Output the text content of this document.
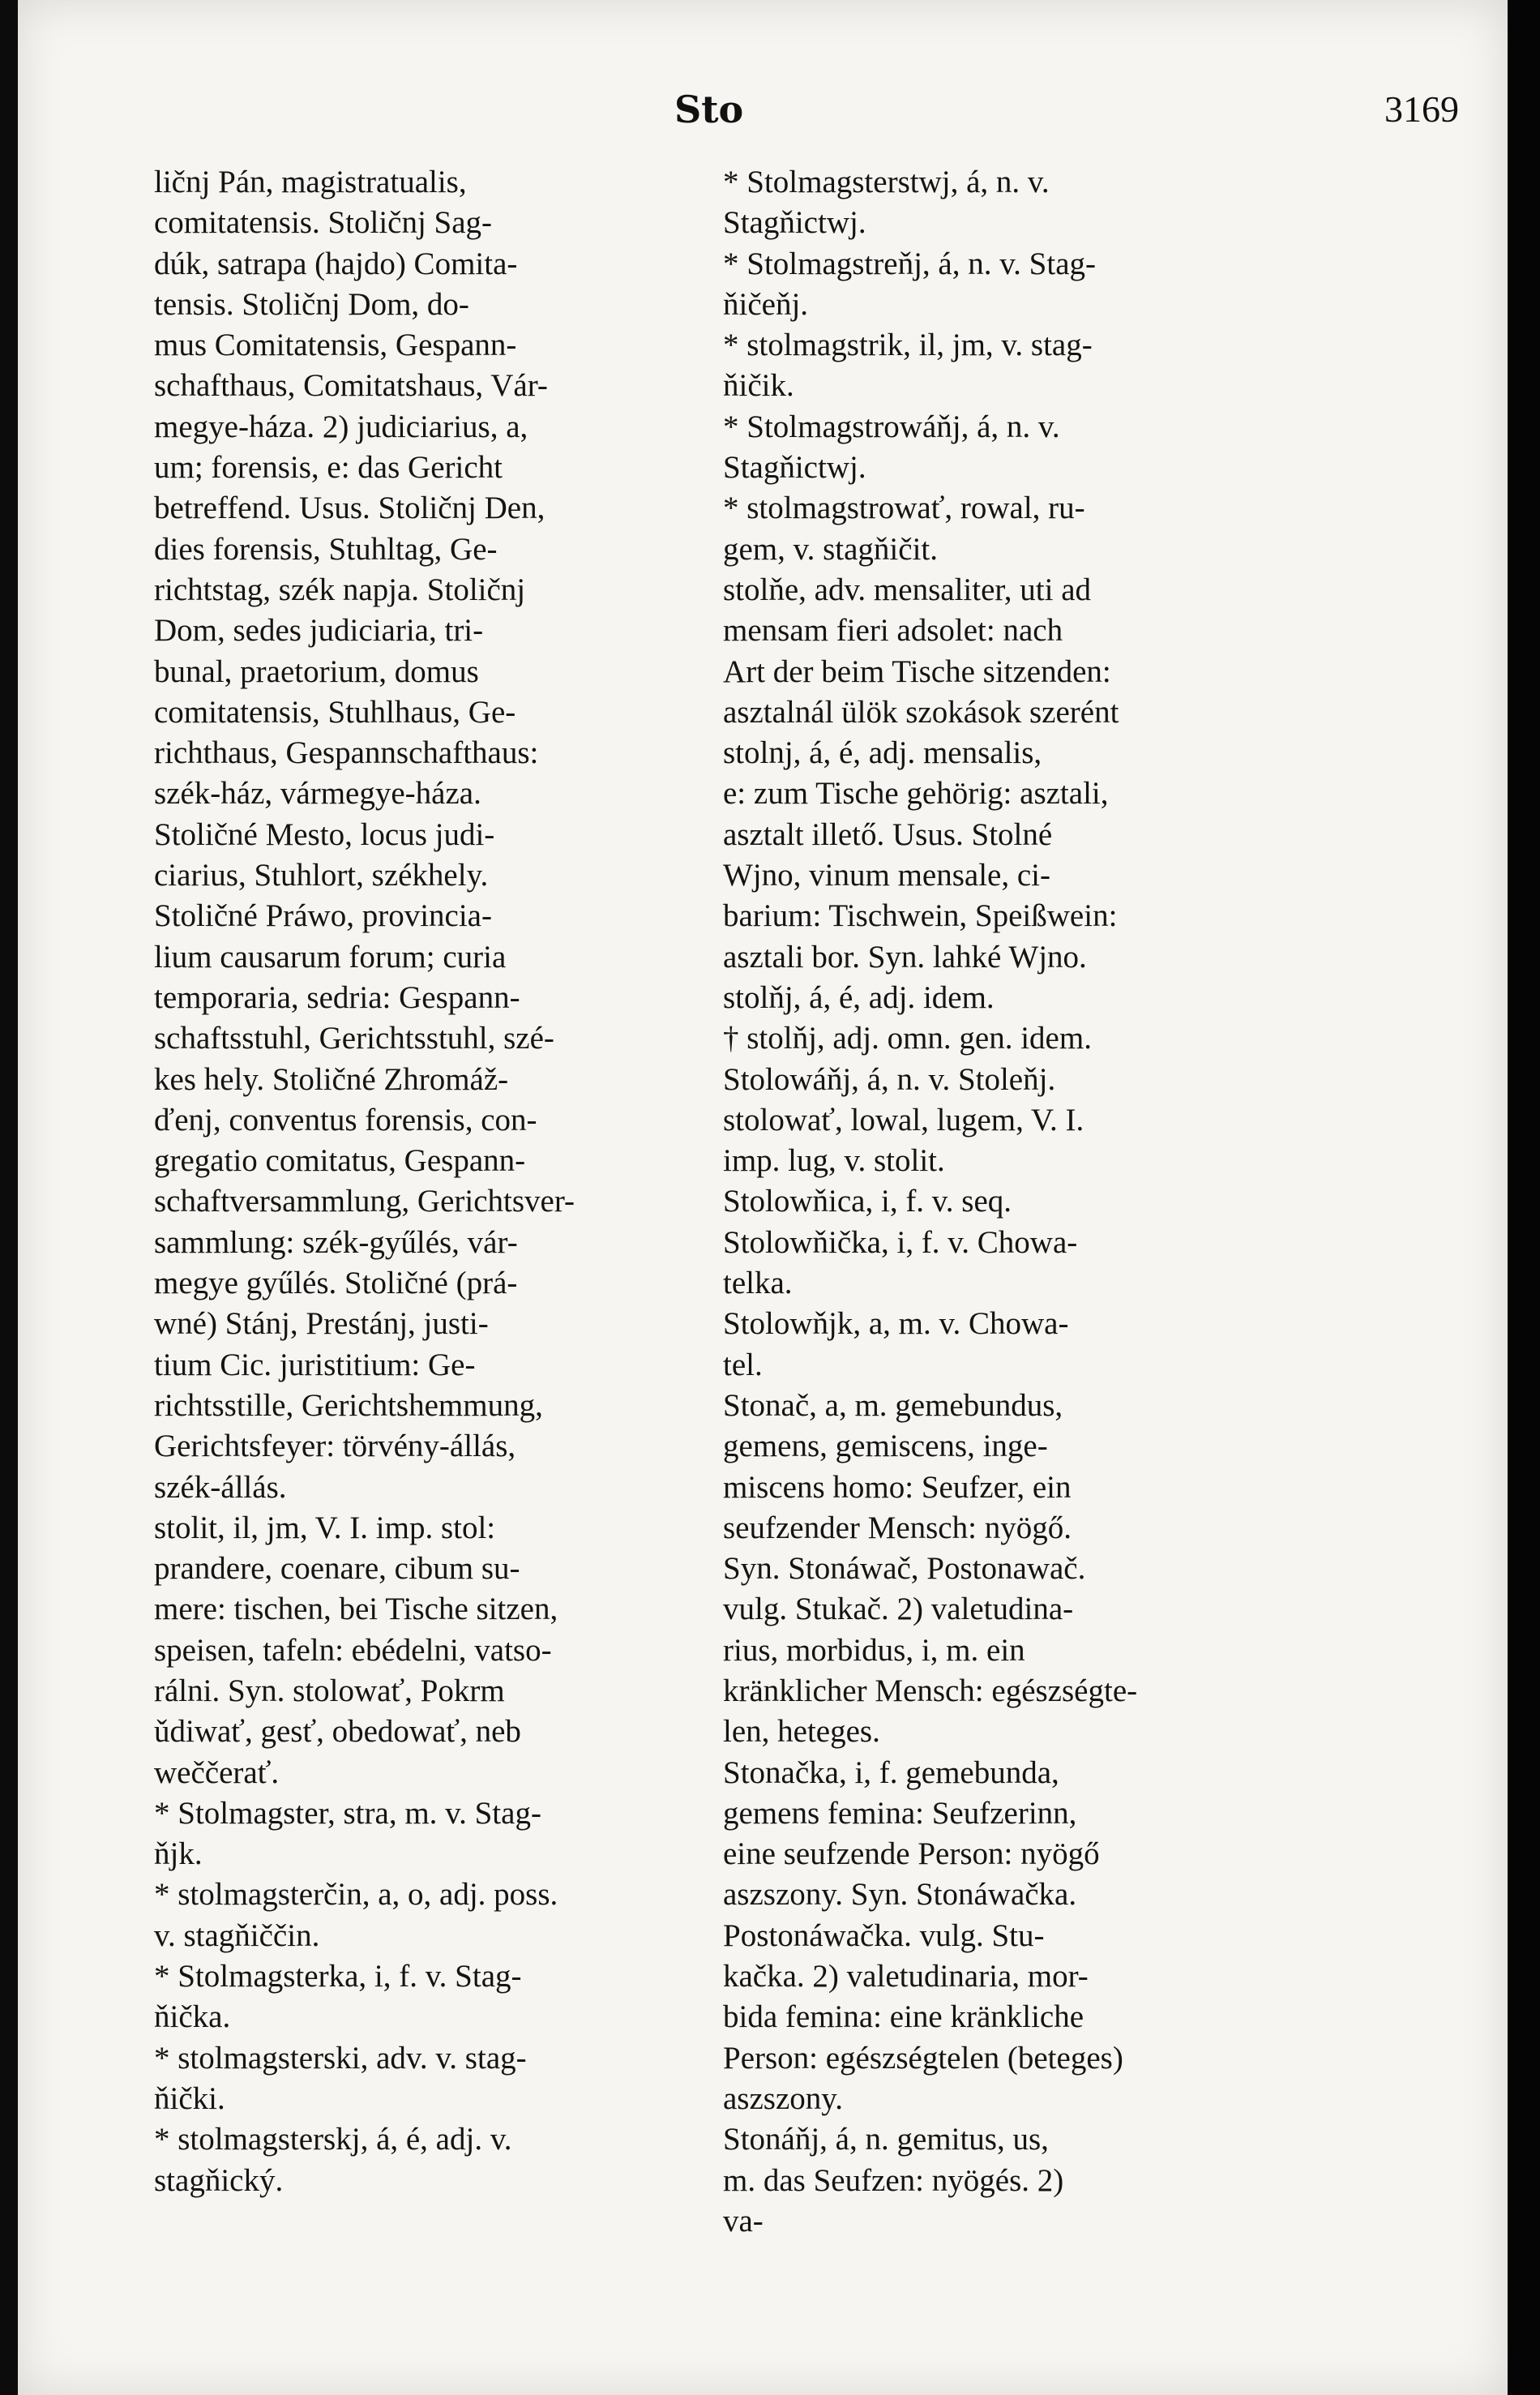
Sto	3169
ličnj Pán, magistratualis,
comitatensis. Stoličnj Sag-
dúk, satrapa (hajdo) Comita-
tensis. Stoličnj Dom, do-
mus Comitatensis, Gespann-
schafthaus, Comitatshaus, Vár-
megye-háza. 2) judiciarius, a,
um; forensis, e: das Gericht
betreffend. Usus. Stoličnj Den,
dies forensis, Stuhltag, Ge-
richtstag, szék napja. Stoličnj
Dom, sedes judiciaria, tri-
bunal, praetorium, domus
comitatensis, Stuhlhaus, Ge-
richthaus, Gespannschafthaus:
szék-ház, vármegye-háza.
Stoličné Mesto, locus judi-
ciarius, Stuhlort, székhely.
Stoličné Práwo, provincia-
lium causarum forum; curia
temporaria, sedria: Gespann-
schaftsstuhl, Gerichtsstuhl, szé-
kes hely. Stoličné Zhromáž-
ďenj, conventus forensis, con-
gregatio comitatus, Gespann-
schaftversammlung, Gerichtsver-
sammlung: szék-gyűlés, vár-
megye gyűlés. Stoličné (prá-
wné) Stánj, Prestánj, justi-
tium Cic. juristitium: Ge-
richtsstille, Gerichtshemmung,
Gerichtsfeyer: törvény-állás,
szék-állás.
stolit, il, jm, V. I. imp. stol:
prandere, coenare, cibum su-
mere: tischen, bei Tische sitzen,
speisen, tafeln: ebédelni, vatso-
rálni. Syn. stolowať, Pokrm
ǔdiwať, gesť, obedowať, neb
weččerať.
* Stolmagster, stra, m. v. Stag-
ňjk.
* stolmagsterčin, a, o, adj. poss.
v. stagňiččin.
* Stolmagsterka, i, f. v. Stag-
ňička.
* stolmagsterski, adv. v. stag-
ňički.
* stolmagsterskj, á, é, adj. v.
stagňický.
* Stolmagsterstwj, á, n. v.
Stagňictwj.
* Stolmagstreňj, á, n. v. Stag-
ňičeňj.
* stolmagstrik, il, jm, v. stag-
ňičik.
* Stolmagstrowáňj, á, n. v.
Stagňictwj.
* stolmagstrowať, rowal, ru-
gem, v. stagňičit.
stolňe, adv. mensaliter, uti ad
mensam fieri adsolet: nach
Art der beim Tische sitzenden:
asztalnál ülök szokások szerént
stolnj, á, é, adj. mensalis,
e: zum Tische gehörig: asztali,
asztalt illető. Usus. Stolné
Wjno, vinum mensale, ci-
barium: Tischwein, Speißwein:
asztali bor. Syn. lahké Wjno.
stolňj, á, é, adj. idem.
† stolňj, adj. omn. gen. idem.
Stolowáňj, á, n. v. Stoleňj.
stolowať, lowal, lugem, V. I.
imp. lug, v. stolit.
Stolowňica, i, f. v. seq.
Stolowňička, i, f. v. Chowa-
telka.
Stolowňjk, a, m. v. Chowa-
tel.
Stonač, a, m. gemebundus,
gemens, gemiscens, inge-
miscens homo: Seufzer, ein
seufzender Mensch: nyögő.
Syn. Stonáwač, Postonawač.
vulg. Stukač. 2) valetudina-
rius, morbidus, i, m. ein
kränklicher Mensch: egészségte-
len, heteges.
Stonačka, i, f. gemebunda,
gemens femina: Seufzerinn,
eine seufzende Person: nyögő
aszszony. Syn. Stonáwačka.
Postonáwačka. vulg. Stu-
kačka. 2) valetudinaria, mor-
bida femina: eine kränkliche
Person: egészségtelen (beteges)
aszszony.
Stonáňj, á, n. gemitus, us,
m. das Seufzen: nyögés. 2)
va-
